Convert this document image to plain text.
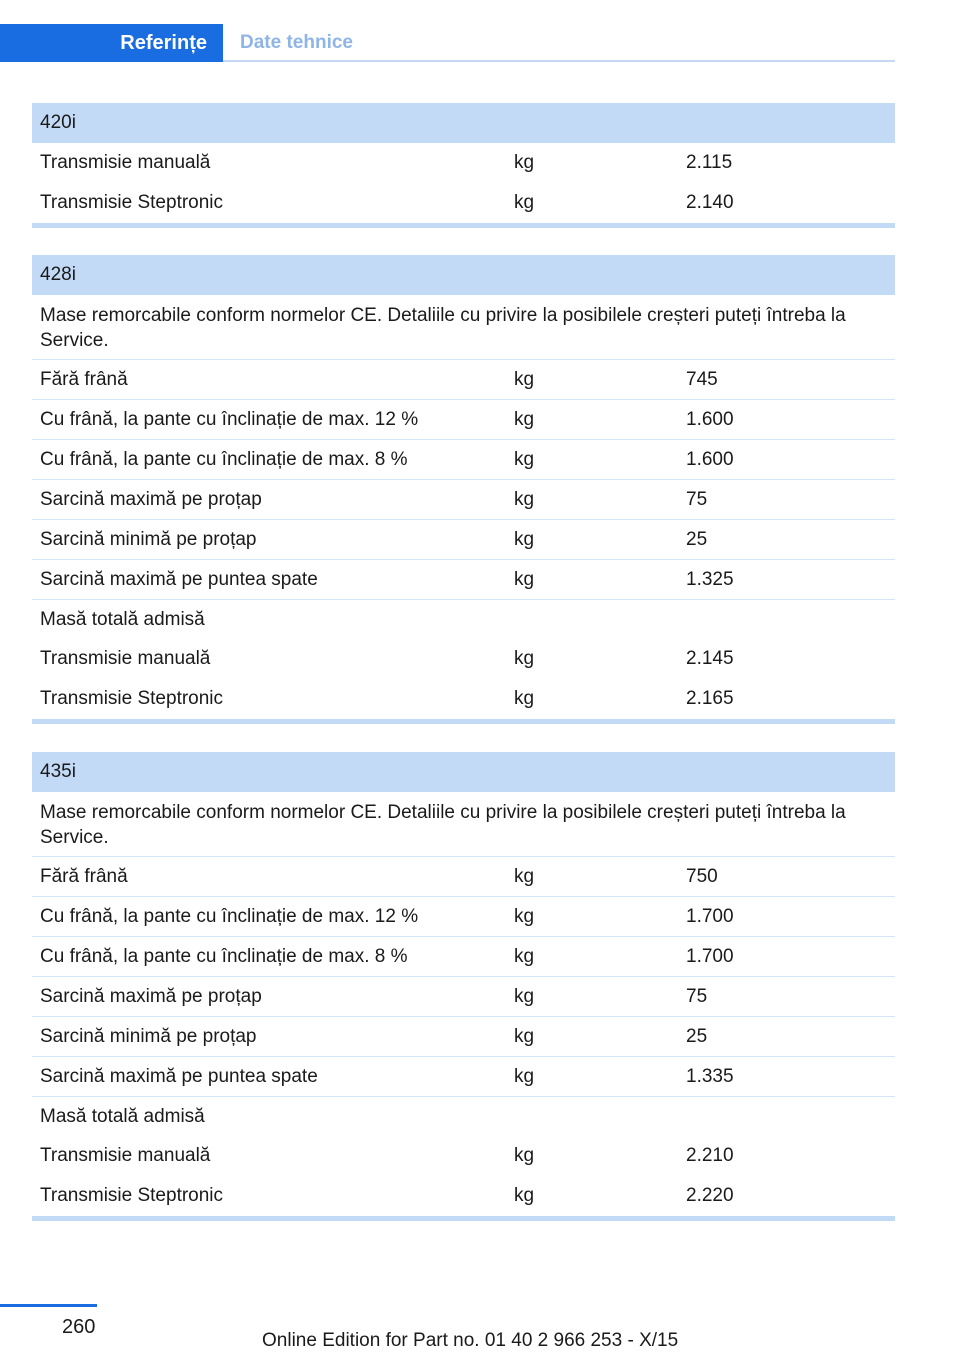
Referințe	Date tehnice
420i
Transmisie manuală	kg	2.115
Transmisie Steptronic	kg	2.140
428i
Mase remorcabile conform normelor CE. Detaliile cu privire la posibilele creșteri puteți întreba la Service.
Fără frână	kg	745
Cu frână, la pante cu înclinație de max. 12 %	kg	1.600
Cu frână, la pante cu înclinație de max. 8 %	kg	1.600
Sarcină maximă pe proțap	kg	75
Sarcină minimă pe proțap	kg	25
Sarcină maximă pe puntea spate	kg	1.325
Masă totală admisă
Transmisie manuală	kg	2.145
Transmisie Steptronic	kg	2.165
435i
Mase remorcabile conform normelor CE. Detaliile cu privire la posibilele creșteri puteți întreba la Service.
Fără frână	kg	750
Cu frână, la pante cu înclinație de max. 12 %	kg	1.700
Cu frână, la pante cu înclinație de max. 8 %	kg	1.700
Sarcină maximă pe proțap	kg	75
Sarcină minimă pe proțap	kg	25
Sarcină maximă pe puntea spate	kg	1.335
Masă totală admisă
Transmisie manuală	kg	2.210
Transmisie Steptronic	kg	2.220
260
Online Edition for Part no. 01 40 2 966 253 - X/15
